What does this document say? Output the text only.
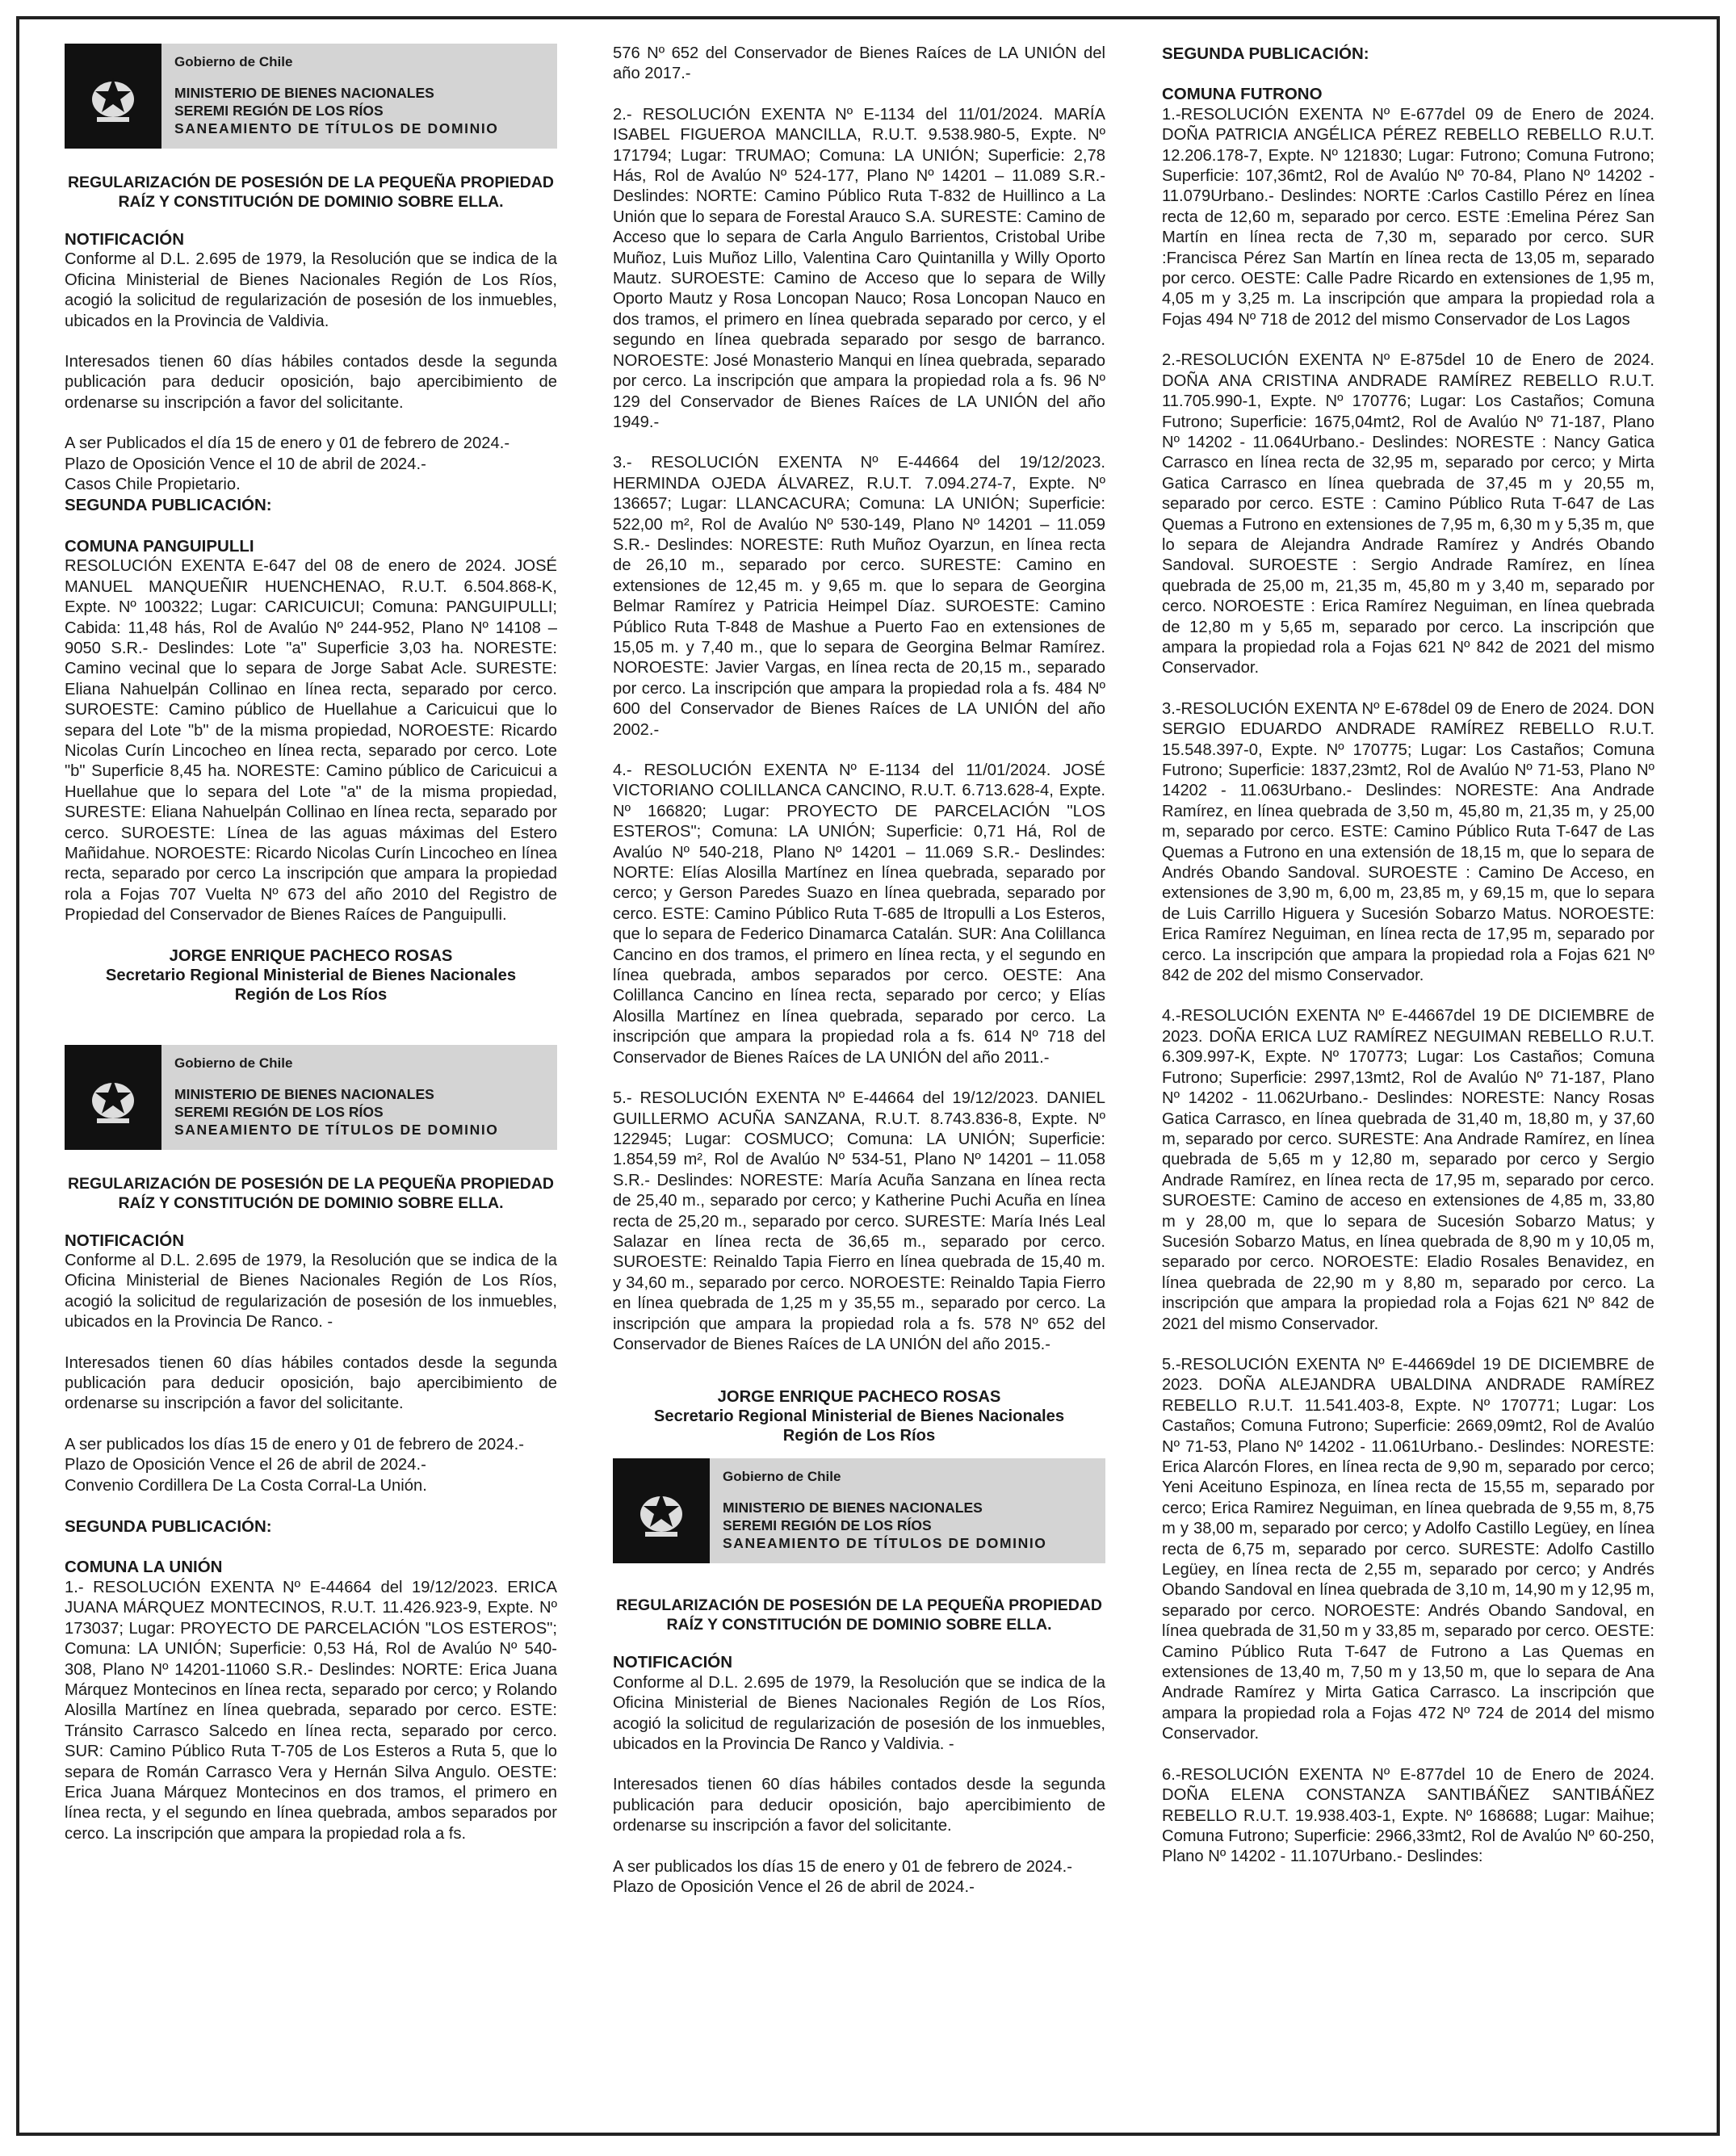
Gobierno de Chile
MINISTERIO DE BIENES NACIONALES
SEREMI REGIÓN DE LOS RÍOS
SANEAMIENTO DE TÍTULOS DE DOMINIO
REGULARIZACIÓN DE POSESIÓN DE LA PEQUEÑA PROPIEDAD RAÍZ Y CONSTITUCIÓN DE DOMINIO SOBRE ELLA.
NOTIFICACIÓN
Conforme al D.L. 2.695 de 1979, la Resolución que se indica de la Oficina Ministerial de Bienes Nacionales Región de Los Ríos, acogió la solicitud de regularización de posesión de los inmuebles, ubicados en la Provincia de Valdivia.
Interesados tienen 60 días hábiles contados desde la segunda publicación para deducir oposición, bajo apercibimiento de ordenarse su inscripción a favor del solicitante.
A ser Publicados el día 15 de enero y 01 de febrero de 2024.-
Plazo de Oposición Vence el 10 de abril de 2024.-
Casos Chile Propietario.
SEGUNDA PUBLICACIÓN:
COMUNA PANGUIPULLI
RESOLUCIÓN EXENTA E-647 del 08 de enero de 2024. JOSÉ MANUEL MANQUEÑIR HUENCHENAO, R.U.T. 6.504.868-K, Expte. Nº 100322; Lugar: CARICUICUI; Comuna: PANGUIPULLI; Cabida: 11,48 hás, Rol de Avalúo Nº 244-952, Plano Nº 14108 – 9050 S.R.- Deslindes: Lote "a" Superficie 3,03 ha. NORESTE: Camino vecinal que lo separa de Jorge Sabat Acle. SURESTE: Eliana Nahuelpán Collinao en línea recta, separado por cerco. SUROESTE: Camino público de Huellahue a Caricuicui que lo separa del Lote "b" de la misma propiedad, NOROESTE: Ricardo Nicolas Curín Lincocheo en línea recta, separado por cerco. Lote "b" Superficie 8,45 ha. NORESTE: Camino público de Caricuicui a Huellahue que lo separa del Lote "a" de la misma propiedad, SURESTE: Eliana Nahuelpán Collinao en línea recta, separado por cerco. SUROESTE: Línea de las aguas máximas del Estero Mañidahue. NOROESTE: Ricardo Nicolas Curín Lincocheo en línea recta, separado por cerco La inscripción que ampara la propiedad rola a Fojas 707 Vuelta Nº 673 del año 2010 del Registro de Propiedad del Conservador de Bienes Raíces de Panguipulli.
JORGE ENRIQUE PACHECO ROSAS
Secretario Regional Ministerial de Bienes Nacionales
Región de Los Ríos
Gobierno de Chile
MINISTERIO DE BIENES NACIONALES
SEREMI REGIÓN DE LOS RÍOS
SANEAMIENTO DE TÍTULOS DE DOMINIO
REGULARIZACIÓN DE POSESIÓN DE LA PEQUEÑA PROPIEDAD RAÍZ Y CONSTITUCIÓN DE DOMINIO SOBRE ELLA.
NOTIFICACIÓN
Conforme al D.L. 2.695 de 1979, la Resolución que se indica de la Oficina Ministerial de Bienes Nacionales Región de Los Ríos, acogió la solicitud de regularización de posesión de los inmuebles, ubicados en la Provincia De Ranco. -
Interesados tienen 60 días hábiles contados desde la segunda publicación para deducir oposición, bajo apercibimiento de ordenarse su inscripción a favor del solicitante.
A ser publicados los días 15 de enero y 01 de febrero de 2024.-
Plazo de Oposición Vence el 26 de abril de 2024.-
Convenio Cordillera De La Costa Corral-La Unión.
SEGUNDA PUBLICACIÓN:
COMUNA LA UNIÓN
1.- RESOLUCIÓN EXENTA Nº E-44664 del 19/12/2023. ERICA JUANA MÁRQUEZ MONTECINOS, R.U.T. 11.426.923-9, Expte. Nº 173037; Lugar: PROYECTO DE PARCELACIÓN "LOS ESTEROS"; Comuna: LA UNIÓN; Superficie: 0,53 Há, Rol de Avalúo Nº 540-308, Plano Nº 14201-11060 S.R.- Deslindes: NORTE: Erica Juana Márquez Montecinos en línea recta, separado por cerco; y Rolando Alosilla Martínez en línea quebrada, separado por cerco. ESTE: Tránsito Carrasco Salcedo en línea recta, separado por cerco. SUR: Camino Público Ruta T-705 de Los Esteros a Ruta 5, que lo separa de Román Carrasco Vera y Hernán Silva Angulo. OESTE: Erica Juana Márquez Montecinos en dos tramos, el primero en línea recta, y el segundo en línea quebrada, ambos separados por cerco. La inscripción que ampara la propiedad rola a fs.
576 Nº 652 del Conservador de Bienes Raíces de LA UNIÓN del año 2017.-
2.- RESOLUCIÓN EXENTA Nº E-1134 del 11/01/2024. MARÍA ISABEL FIGUEROA MANCILLA, R.U.T. 9.538.980-5, Expte. Nº 171794; Lugar: TRUMAO; Comuna: LA UNIÓN; Superficie: 2,78 Hás, Rol de Avalúo Nº 524-177, Plano Nº 14201 – 11.089 S.R.- Deslindes: NORTE: Camino Público Ruta T-832 de Huillinco a La Unión que lo separa de Forestal Arauco S.A. SURESTE: Camino de Acceso que lo separa de Carla Angulo Barrientos, Cristobal Uribe Muñoz, Luis Muñoz Lillo, Valentina Caro Quintanilla y Willy Oporto Mautz. SUROESTE: Camino de Acceso que lo separa de Willy Oporto Mautz y Rosa Loncopan Nauco; Rosa Loncopan Nauco en dos tramos, el primero en línea quebrada separado por cerco, y el segundo en línea quebrada separado por sesgo de barranco. NOROESTE: José Monasterio Manqui en línea quebrada, separado por cerco. La inscripción que ampara la propiedad rola a fs. 96 Nº 129 del Conservador de Bienes Raíces de LA UNIÓN del año 1949.-
3.- RESOLUCIÓN EXENTA Nº E-44664 del 19/12/2023. HERMINDA OJEDA ÁLVAREZ, R.U.T. 7.094.274-7, Expte. Nº 136657; Lugar: LLANCACURA; Comuna: LA UNIÓN; Superficie: 522,00 m², Rol de Avalúo Nº 530-149, Plano Nº 14201 – 11.059 S.R.- Deslindes: NORESTE: Ruth Muñoz Oyarzun, en línea recta de 26,10 m., separado por cerco. SURESTE: Camino en extensiones de 12,45 m. y 9,65 m. que lo separa de Georgina Belmar Ramírez y Patricia Heimpel Díaz. SUROESTE: Camino Público Ruta T-848 de Mashue a Puerto Fao en extensiones de 15,05 m. y 7,40 m., que lo separa de Georgina Belmar Ramírez. NOROESTE: Javier Vargas, en línea recta de 20,15 m., separado por cerco. La inscripción que ampara la propiedad rola a fs. 484 Nº 600 del Conservador de Bienes Raíces de LA UNIÓN del año 2002.-
4.- RESOLUCIÓN EXENTA Nº E-1134 del 11/01/2024. JOSÉ VICTORIANO COLILLANCA CANCINO, R.U.T. 6.713.628-4, Expte. Nº 166820; Lugar: PROYECTO DE PARCELACIÓN "LOS ESTEROS"; Comuna: LA UNIÓN; Superficie: 0,71 Há, Rol de Avalúo Nº 540-218, Plano Nº 14201 – 11.069 S.R.- Deslindes: NORTE: Elías Alosilla Martínez en línea quebrada, separado por cerco; y Gerson Paredes Suazo en línea quebrada, separado por cerco. ESTE: Camino Público Ruta T-685 de Itropulli a Los Esteros, que lo separa de Federico Dinamarca Catalán. SUR: Ana Colillanca Cancino en dos tramos, el primero en línea recta, y el segundo en línea quebrada, ambos separados por cerco. OESTE: Ana Colillanca Cancino en línea recta, separado por cerco; y Elías Alosilla Martínez en línea quebrada, separado por cerco. La inscripción que ampara la propiedad rola a fs. 614 Nº 718 del Conservador de Bienes Raíces de LA UNIÓN del año 2011.-
5.- RESOLUCIÓN EXENTA Nº E-44664 del 19/12/2023. DANIEL GUILLERMO ACUÑA SANZANA, R.U.T. 8.743.836-8, Expte. Nº 122945; Lugar: COSMUCO; Comuna: LA UNIÓN; Superficie: 1.854,59 m², Rol de Avalúo Nº 534-51, Plano Nº 14201 – 11.058 S.R.- Deslindes: NORESTE: María Acuña Sanzana en línea recta de 25,40 m., separado por cerco; y Katherine Puchi Acuña en línea recta de 25,20 m., separado por cerco. SURESTE: María Inés Leal Salazar en línea recta de 36,65 m., separado por cerco. SUROESTE: Reinaldo Tapia Fierro en línea quebrada de 15,40 m. y 34,60 m., separado por cerco. NOROESTE: Reinaldo Tapia Fierro en línea quebrada de 1,25 m y 35,55 m., separado por cerco. La inscripción que ampara la propiedad rola a fs. 578 Nº 652 del Conservador de Bienes Raíces de LA UNIÓN del año 2015.-
JORGE ENRIQUE PACHECO ROSAS
Secretario Regional Ministerial de Bienes Nacionales
Región de Los Ríos
Gobierno de Chile
MINISTERIO DE BIENES NACIONALES
SEREMI REGIÓN DE LOS RÍOS
SANEAMIENTO DE TÍTULOS DE DOMINIO
REGULARIZACIÓN DE POSESIÓN DE LA PEQUEÑA PROPIEDAD RAÍZ Y CONSTITUCIÓN DE DOMINIO SOBRE ELLA.
NOTIFICACIÓN
Conforme al D.L. 2.695 de 1979, la Resolución que se indica de la Oficina Ministerial de Bienes Nacionales Región de Los Ríos, acogió la solicitud de regularización de posesión de los inmuebles, ubicados en la Provincia De Ranco y Valdivia. -
Interesados tienen 60 días hábiles contados desde la segunda publicación para deducir oposición, bajo apercibimiento de ordenarse su inscripción a favor del solicitante.
A ser publicados los días 15 de enero y 01 de febrero de 2024.-
Plazo de Oposición Vence el 26 de abril de 2024.-
SEGUNDA PUBLICACIÓN:
COMUNA FUTRONO
1.-RESOLUCIÓN EXENTA Nº E-677del 09 de Enero de 2024. DOÑA PATRICIA ANGÉLICA PÉREZ REBELLO REBELLO R.U.T. 12.206.178-7, Expte. Nº 121830; Lugar: Futrono; Comuna Futrono; Superficie: 107,36mt2, Rol de Avalúo Nº 70-84, Plano Nº 14202 - 11.079Urbano.- Deslindes: NORTE :Carlos Castillo Pérez en línea recta de 12,60 m, separado por cerco. ESTE :Emelina Pérez San Martín en línea recta de 7,30 m, separado por cerco. SUR :Francisca Pérez San Martín en línea recta de 13,05 m, separado por cerco. OESTE: Calle Padre Ricardo en extensiones de 1,95 m, 4,05 m y 3,25 m. La inscripción que ampara la propiedad rola a Fojas 494 Nº 718 de 2012 del mismo Conservador de Los Lagos
2.-RESOLUCIÓN EXENTA Nº E-875del 10 de Enero de 2024. DOÑA ANA CRISTINA ANDRADE RAMÍREZ REBELLO R.U.T. 11.705.990-1, Expte. Nº 170776; Lugar: Los Castaños; Comuna Futrono; Superficie: 1675,04mt2, Rol de Avalúo Nº 71-187, Plano Nº 14202 - 11.064Urbano.- Deslindes: NORESTE : Nancy Gatica Carrasco en línea recta de 32,95 m, separado por cerco; y Mirta Gatica Carrasco en línea quebrada de 37,45 m y 20,55 m, separado por cerco. ESTE : Camino Público Ruta T-647 de Las Quemas a Futrono en extensiones de 7,95 m, 6,30 m y 5,35 m, que lo separa de Alejandra Andrade Ramírez y Andrés Obando Sandoval. SUROESTE : Sergio Andrade Ramírez, en línea quebrada de 25,00 m, 21,35 m, 45,80 m y 3,40 m, separado por cerco. NOROESTE : Erica Ramírez Neguiman, en línea quebrada de 12,80 m y 5,65 m, separado por cerco. La inscripción que ampara la propiedad rola a Fojas 621 Nº 842 de 2021 del mismo Conservador.
3.-RESOLUCIÓN EXENTA Nº E-678del 09 de Enero de 2024. DON SERGIO EDUARDO ANDRADE RAMÍREZ REBELLO R.U.T. 15.548.397-0, Expte. Nº 170775; Lugar: Los Castaños; Comuna Futrono; Superficie: 1837,23mt2, Rol de Avalúo Nº 71-53, Plano Nº 14202 - 11.063Urbano.- Deslindes: NORESTE: Ana Andrade Ramírez, en línea quebrada de 3,50 m, 45,80 m, 21,35 m, y 25,00 m, separado por cerco. ESTE: Camino Público Ruta T-647 de Las Quemas a Futrono en una extensión de 18,15 m, que lo separa de Andrés Obando Sandoval. SUROESTE : Camino De Acceso, en extensiones de 3,90 m, 6,00 m, 23,85 m, y 69,15 m, que lo separa de Luis Carrillo Higuera y Sucesión Sobarzo Matus. NOROESTE: Erica Ramírez Neguiman, en línea recta de 17,95 m, separado por cerco. La inscripción que ampara la propiedad rola a Fojas 621 Nº 842 de 202 del mismo Conservador.
4.-RESOLUCIÓN EXENTA Nº E-44667del 19 DE DICIEMBRE de 2023. DOÑA ERICA LUZ RAMÍREZ NEGUIMAN REBELLO R.U.T. 6.309.997-K, Expte. Nº 170773; Lugar: Los Castaños; Comuna Futrono; Superficie: 2997,13mt2, Rol de Avalúo Nº 71-187, Plano Nº 14202 - 11.062Urbano.- Deslindes: NORESTE: Nancy Rosas Gatica Carrasco, en línea quebrada de 31,40 m, 18,80 m, y 37,60 m, separado por cerco. SURESTE: Ana Andrade Ramírez, en línea quebrada de 5,65 m y 12,80 m, separado por cerco y Sergio Andrade Ramírez, en línea recta de 17,95 m, separado por cerco. SUROESTE: Camino de acceso en extensiones de 4,85 m, 33,80 m y 28,00 m, que lo separa de Sucesión Sobarzo Matus; y Sucesión Sobarzo Matus, en línea quebrada de 8,90 m y 10,05 m, separado por cerco. NOROESTE: Eladio Rosales Benavidez, en línea quebrada de 22,90 m y 8,80 m, separado por cerco. La inscripción que ampara la propiedad rola a Fojas 621 Nº 842 de 2021 del mismo Conservador.
5.-RESOLUCIÓN EXENTA Nº E-44669del 19 DE DICIEMBRE de 2023. DOÑA ALEJANDRA UBALDINA ANDRADE RAMÍREZ REBELLO R.U.T. 11.541.403-8, Expte. Nº 170771; Lugar: Los Castaños; Comuna Futrono; Superficie: 2669,09mt2, Rol de Avalúo Nº 71-53, Plano Nº 14202 - 11.061Urbano.- Deslindes: NORESTE: Erica Alarcón Flores, en línea recta de 9,90 m, separado por cerco; Yeni Aceituno Espinoza, en línea recta de 15,55 m, separado por cerco; Erica Ramirez Neguiman, en línea quebrada de 9,55 m, 8,75 m y 38,00 m, separado por cerco; y Adolfo Castillo Legüey, en línea recta de 6,75 m, separado por cerco. SURESTE: Adolfo Castillo Legüey, en línea recta de 2,55 m, separado por cerco; y Andrés Obando Sandoval en línea quebrada de 3,10 m, 14,90 m y 12,95 m, separado por cerco. NOROESTE: Andrés Obando Sandoval, en línea quebrada de 31,50 m y 33,85 m, separado por cerco. OESTE: Camino Público Ruta T-647 de Futrono a Las Quemas en extensiones de 13,40 m, 7,50 m y 13,50 m, que lo separa de Ana Andrade Ramírez y Mirta Gatica Carrasco. La inscripción que ampara la propiedad rola a Fojas 472 Nº 724 de 2014 del mismo Conservador.
6.-RESOLUCIÓN EXENTA Nº E-877del 10 de Enero de 2024. DOÑA ELENA CONSTANZA SANTIBÁÑEZ SANTIBÁÑEZ REBELLO R.U.T. 19.938.403-1, Expte. Nº 168688; Lugar: Maihue; Comuna Futrono; Superficie: 2966,33mt2, Rol de Avalúo Nº 60-250, Plano Nº 14202 - 11.107Urbano.- Deslindes:
